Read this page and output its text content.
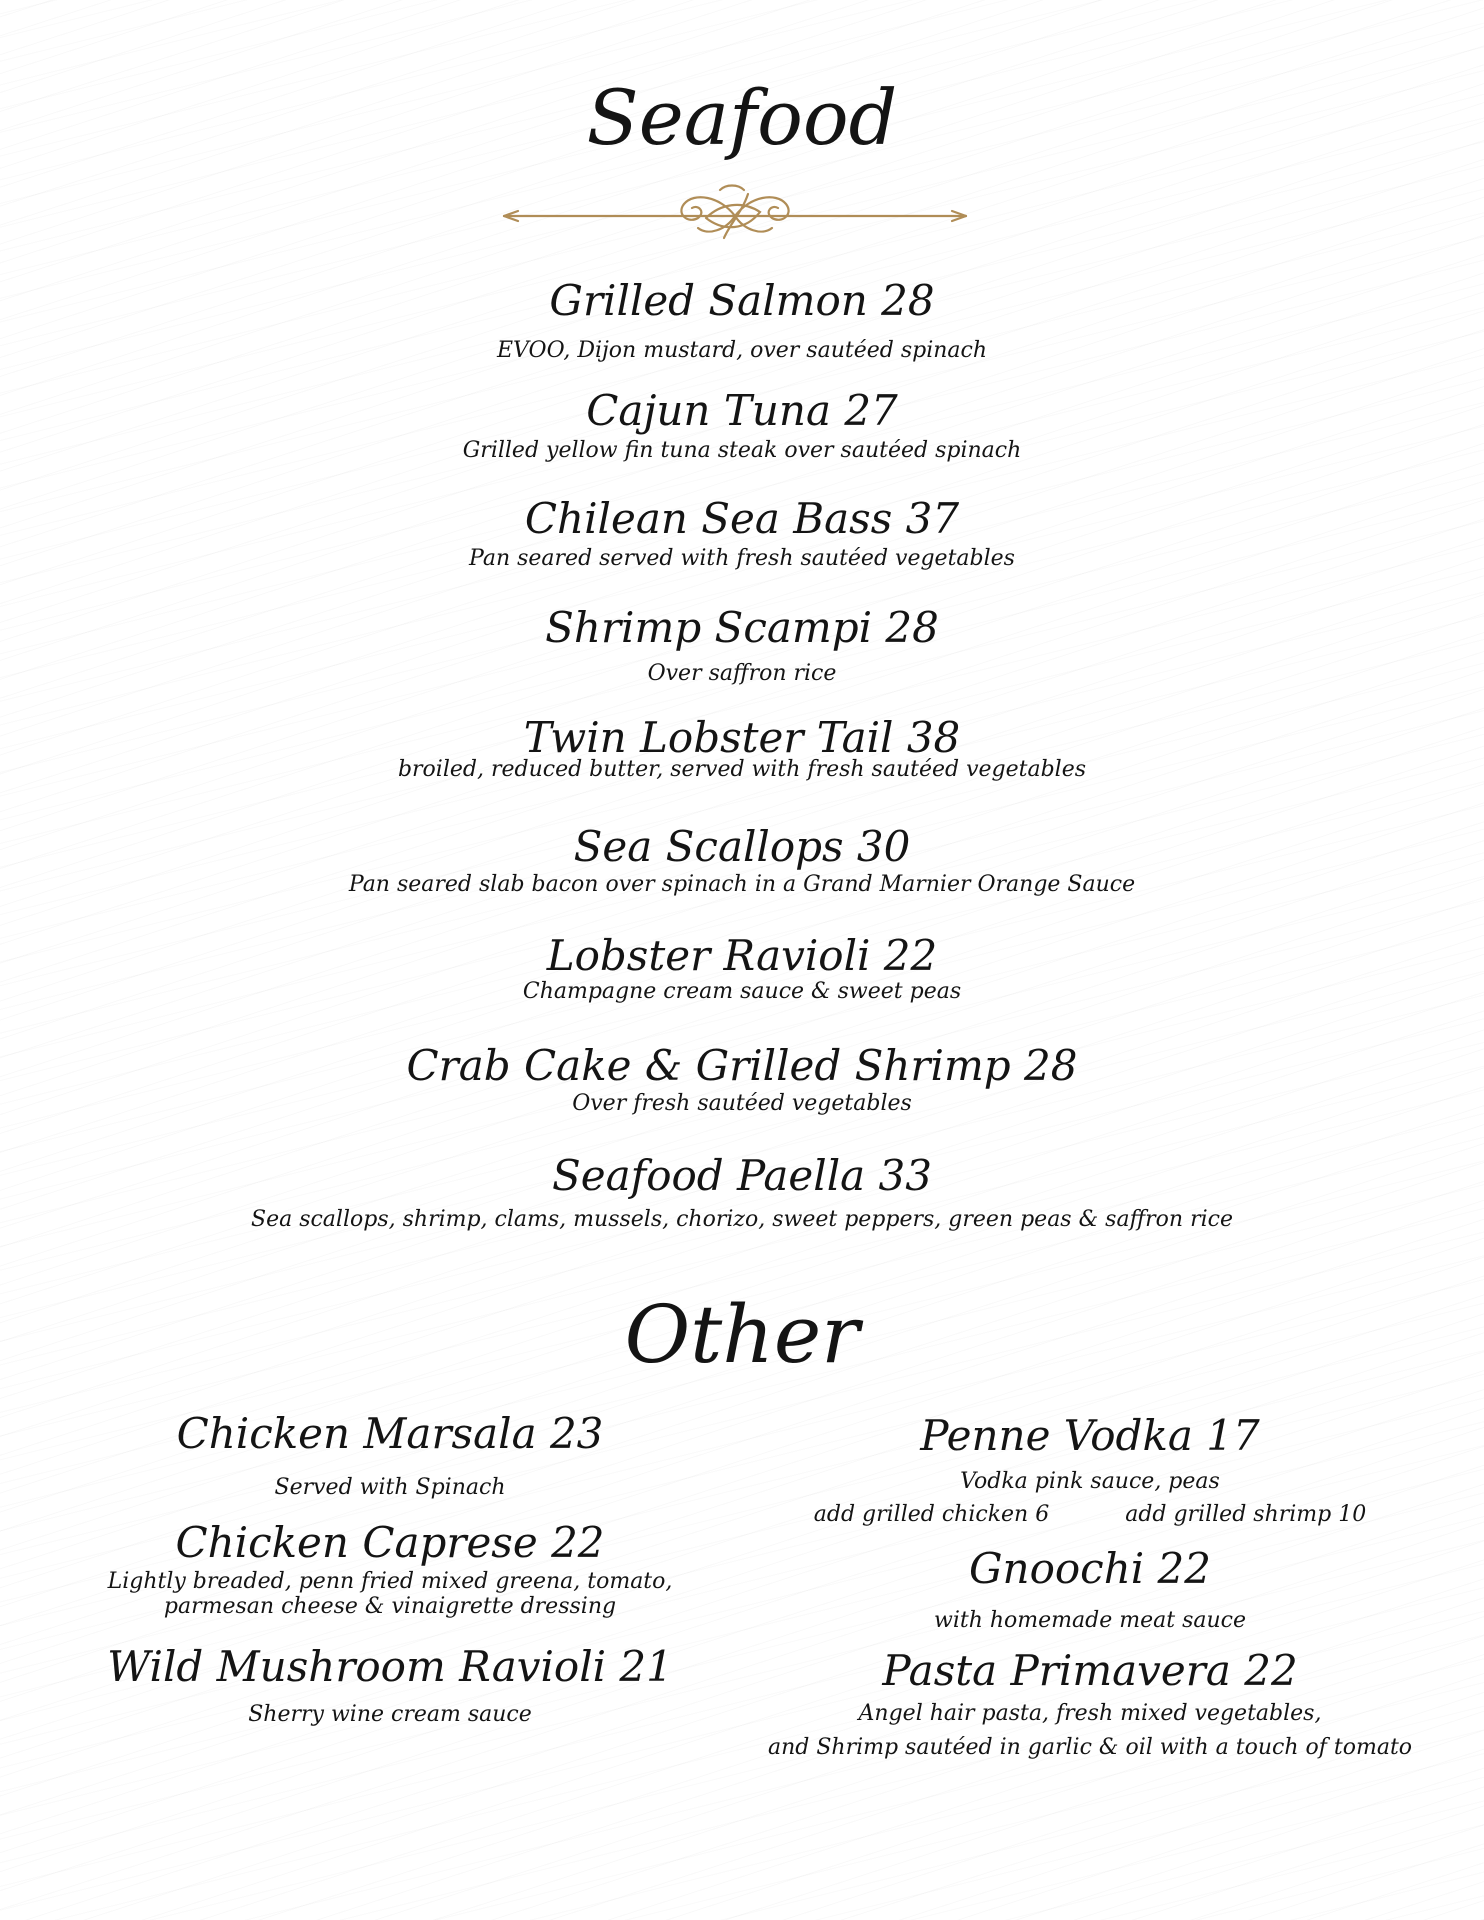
Seafood
Grilled Salmon 28
EVOO, Dijon mustard, over sautéed spinach
Cajun Tuna 27
Grilled yellow fin tuna steak over sautéed spinach
Chilean Sea Bass 37
Pan seared served with fresh sautéed vegetables
Shrimp Scampi 28
Over saffron rice
Twin Lobster Tail 38
broiled, reduced butter, served with fresh sautéed vegetables
Sea Scallops 30
Pan seared slab bacon over spinach in a Grand Marnier Orange Sauce
Lobster Ravioli 22
Champagne cream sauce & sweet peas
Crab Cake & Grilled Shrimp 28
Over fresh sautéed vegetables
Seafood Paella 33
Sea scallops, shrimp, clams, mussels, chorizo, sweet peppers, green peas & saffron rice
Other
Chicken Marsala 23
Served with Spinach
Chicken Caprese 22
Lightly breaded, penn fried mixed greena, tomato,
parmesan cheese & vinaigrette dressing
Wild Mushroom Ravioli 21
Sherry wine cream sauce
Penne Vodka 17
Vodka pink sauce, peas
add grilled chicken 6	add grilled shrimp 10
Gnoochi 22
with homemade meat sauce
Pasta Primavera 22
Angel hair pasta, fresh mixed vegetables,
and Shrimp sautéed in garlic & oil with a touch of tomato
